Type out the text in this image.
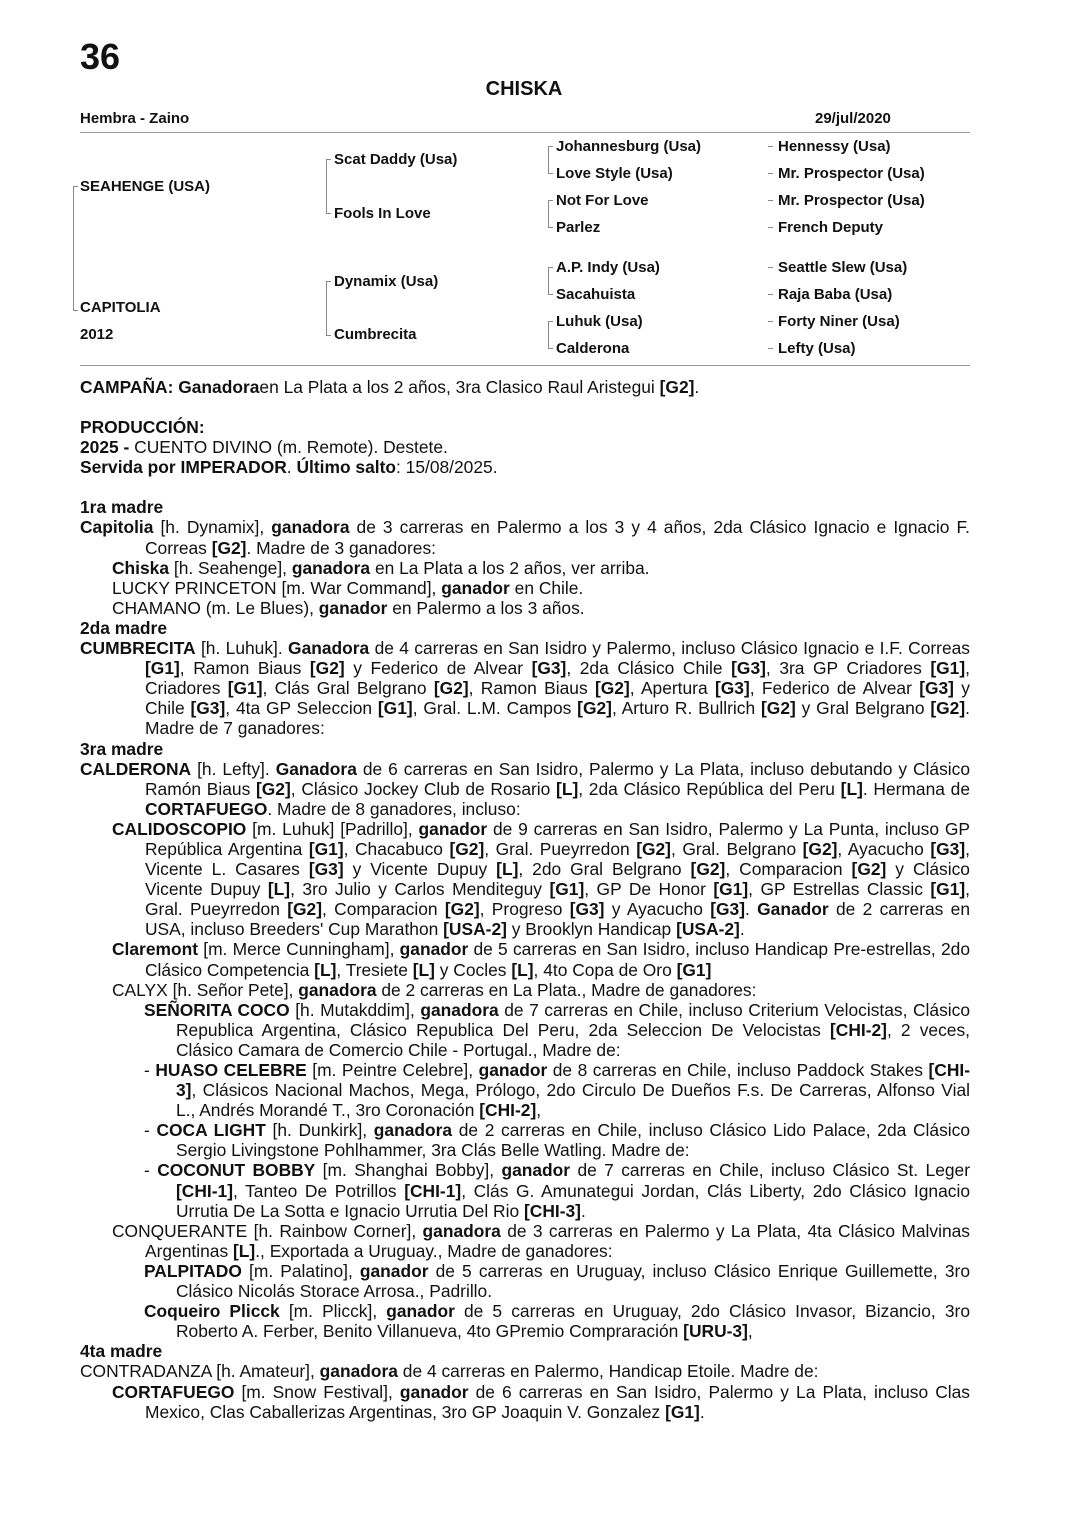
36
CHISKA
Hembra - Zaino	29/jul/2020
SEAHENGE (USA)
CAPITOLIA
2012
Scat Daddy (Usa)
Fools In Love
Dynamix (Usa)
Cumbrecita
Johannesburg (Usa)
Love Style (Usa)
Not For Love
Parlez
A.P. Indy (Usa)
Sacahuista
Luhuk (Usa)
Calderona
Hennessy (Usa)
Mr. Prospector (Usa)
Mr. Prospector (Usa)
French Deputy
Seattle Slew (Usa)
Raja Baba (Usa)
Forty Niner (Usa)
Lefty (Usa)

CAMPAÑA: Ganadoraen La Plata a los 2 años, 3ra Clasico Raul Aristegui [G2].

PRODUCCIÓN:

2025 - CUENTO DIVINO (m. Remote). Destete.

Servida por IMPERADOR. Último salto: 15/08/2025.

1ra madre

Capitolia [h. Dynamix], ganadora de 3 carreras en Palermo a los 3 y 4 años, 2da Clásico Ignacio e Ignacio F. Correas [G2]. Madre de 3 ganadores:

Chiska [h. Seahenge], ganadora en La Plata a los 2 años, ver arriba.

LUCKY PRINCETON [m. War Command], ganador en Chile.

CHAMANO (m. Le Blues), ganador en Palermo a los 3 años.

2da madre

CUMBRECITA [h. Luhuk]. Ganadora de 4 carreras en San Isidro y Palermo, incluso Clásico Ignacio e I.F. Correas [G1], Ramon Biaus [G2] y Federico de Alvear [G3], 2da Clásico Chile [G3], 3ra GP Criadores [G1], Criadores [G1], Clás Gral Belgrano [G2], Ramon Biaus [G2], Apertura [G3], Federico de Alvear [G3] y Chile [G3], 4ta GP Seleccion [G1], Gral. L.M. Campos [G2], Arturo R. Bullrich [G2] y Gral Belgrano [G2]. Madre de 7 ganadores:

3ra madre

CALDERONA [h. Lefty]. Ganadora de 6 carreras en San Isidro, Palermo y La Plata, incluso debutando y Clásico Ramón Biaus [G2], Clásico Jockey Club de Rosario [L], 2da Clásico República del Peru [L]. Hermana de CORTAFUEGO. Madre de 8 ganadores, incluso:

CALIDOSCOPIO [m. Luhuk] [Padrillo], ganador de 9 carreras en San Isidro, Palermo y La Punta, incluso GP República Argentina [G1], Chacabuco [G2], Gral. Pueyrredon [G2], Gral. Belgrano [G2], Ayacucho [G3], Vicente L. Casares [G3] y Vicente Dupuy [L], 2do Gral Belgrano [G2], Comparacion [G2] y Clásico Vicente Dupuy [L], 3ro Julio y Carlos Menditeguy [G1], GP De Honor [G1], GP Estrellas Classic [G1], Gral. Pueyrredon [G2], Comparacion [G2], Progreso [G3] y Ayacucho [G3]. Ganador de 2 carreras en USA, incluso Breeders' Cup Marathon [USA-2] y Brooklyn Handicap [USA-2].

Claremont [m. Merce Cunningham], ganador de 5 carreras en San Isidro, incluso Handicap Pre-estrellas, 2do Clásico Competencia [L], Tresiete [L] y Cocles [L], 4to Copa de Oro [G1]

CALYX [h. Señor Pete], ganadora de 2 carreras en La Plata., Madre de ganadores:

SEÑORITA COCO [h. Mutakddim], ganadora de 7 carreras en Chile, incluso Criterium Velocistas, Clásico Republica Argentina, Clásico Republica Del Peru, 2da Seleccion De Velocistas [CHI-2], 2 veces, Clásico Camara de Comercio Chile - Portugal., Madre de:

- HUASO CELEBRE [m. Peintre Celebre], ganador de 8 carreras en Chile, incluso Paddock Stakes [CHI-3], Clásicos Nacional Machos, Mega, Prólogo, 2do Circulo De Dueños F.s. De Carreras, Alfonso Vial L., Andrés Morandé T., 3ro Coronación [CHI-2],

- COCA LIGHT [h. Dunkirk], ganadora de 2 carreras en Chile, incluso Clásico Lido Palace, 2da Clásico Sergio Livingstone Pohlhammer, 3ra Clás Belle Watling. Madre de:

- COCONUT BOBBY [m. Shanghai Bobby], ganador de 7 carreras en Chile, incluso Clásico St. Leger [CHI-1], Tanteo De Potrillos [CHI-1], Clás G. Amunategui Jordan, Clás Liberty, 2do Clásico Ignacio Urrutia De La Sotta e Ignacio Urrutia Del Rio [CHI-3].

CONQUERANTE [h. Rainbow Corner], ganadora de 3 carreras en Palermo y La Plata, 4ta Clásico Malvinas Argentinas [L]., Exportada a Uruguay., Madre de ganadores:

PALPITADO [m. Palatino], ganador de 5 carreras en Uruguay, incluso Clásico Enrique Guillemette, 3ro Clásico Nicolás Storace Arrosa., Padrillo.

Coqueiro Plicck [m. Plicck], ganador de 5 carreras en Uruguay, 2do Clásico Invasor, Bizancio, 3ro Roberto A. Ferber, Benito Villanueva, 4to GPremio Compraración [URU-3],

4ta madre

CONTRADANZA [h. Amateur], ganadora de 4 carreras en Palermo, Handicap Etoile. Madre de:

CORTAFUEGO [m. Snow Festival], ganador de 6 carreras en San Isidro, Palermo y La Plata, incluso Clas Mexico, Clas Caballerizas Argentinas, 3ro GP Joaquin V. Gonzalez [G1].
